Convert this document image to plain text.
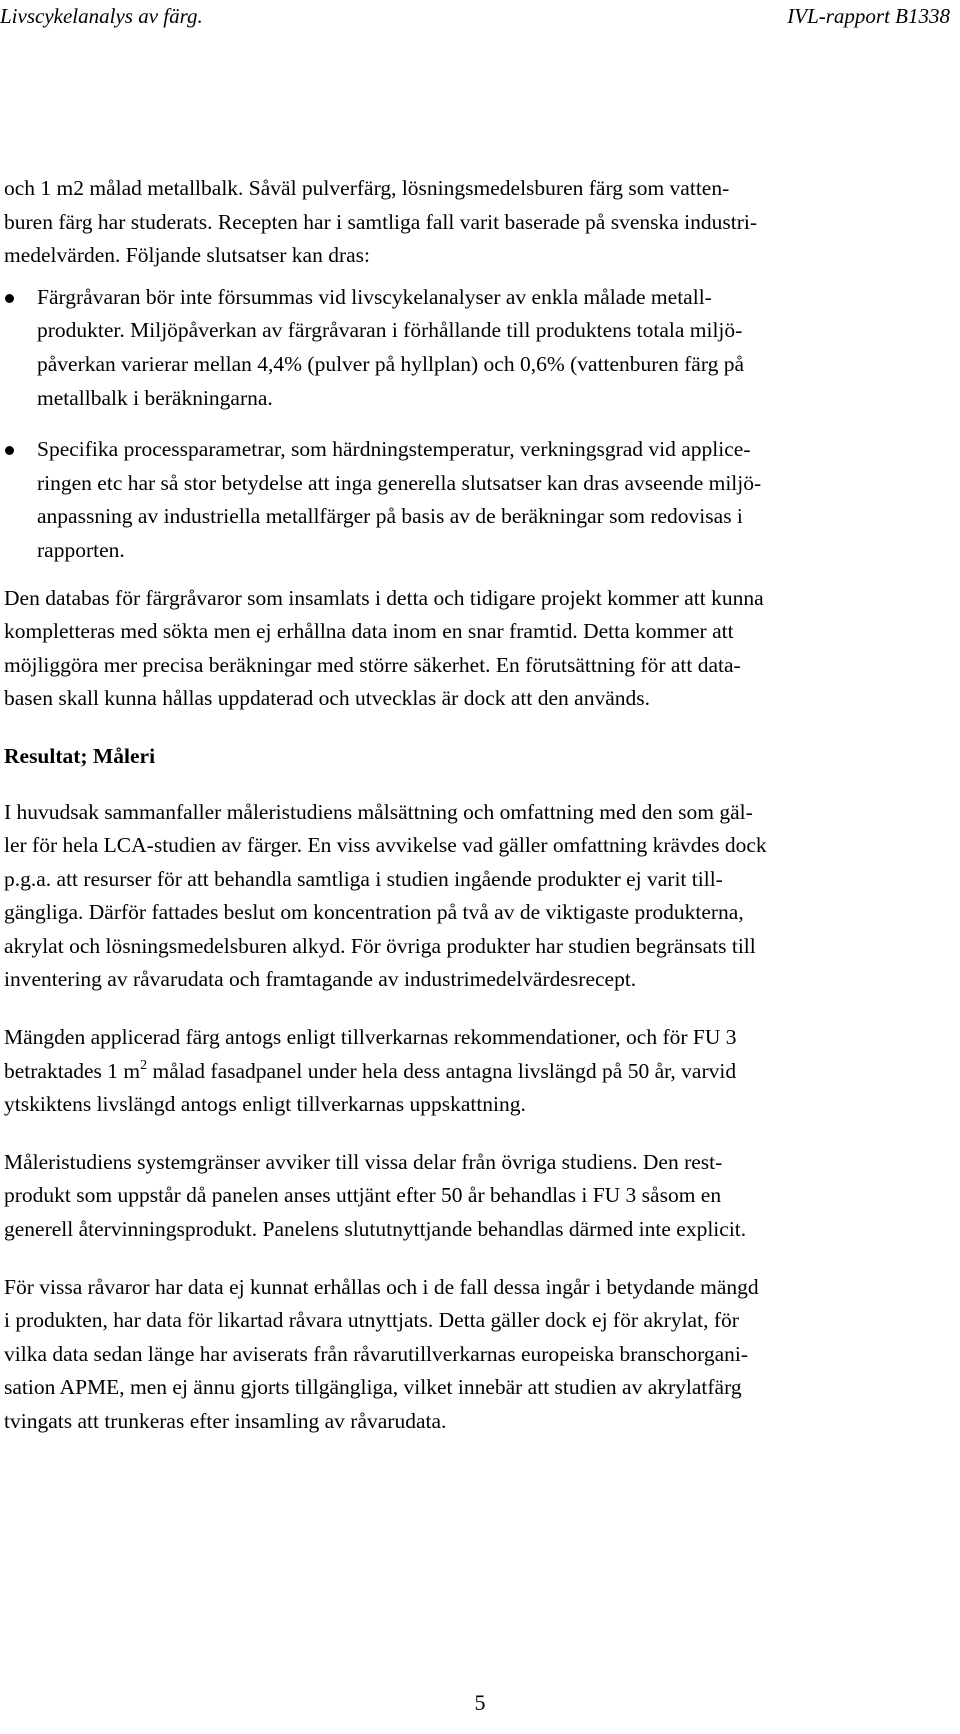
Livscykelanalys av färg.	IVL-rapport B1338

och 1 m2 målad metallbalk. Såväl pulverfärg, lösningsmedelsburen färg som vatten-
buren färg har studerats. Recepten har i samtliga fall varit baserade på svenska industri-
medelvärden. Följande slutsatser kan dras:

Färgråvaran bör inte försummas vid livscykelanalyser av enkla målade metall-
produkter. Miljöpåverkan av färgråvaran i förhållande till produktens totala miljö-
påverkan varierar mellan 4,4% (pulver på hyllplan) och 0,6% (vattenburen färg på
metallbalk i beräkningarna.
Specifika processparametrar, som härdningstemperatur, verkningsgrad vid applice-
ringen etc har så stor betydelse att inga generella slutsatser kan dras avseende miljö-
anpassning av industriella metallfärger på basis av de beräkningar som redovisas i
rapporten.

Den databas för färgråvaror som insamlats i detta och tidigare projekt kommer att kunna
kompletteras med sökta men ej erhållna data inom en snar framtid. Detta kommer att
möjliggöra mer precisa beräkningar med större säkerhet. En förutsättning för att data-
basen skall kunna hållas uppdaterad och utvecklas är dock att den används.

Resultat; Måleri

I huvudsak sammanfaller måleristudiens målsättning och omfattning med den som gäl-
ler för hela LCA-studien av färger. En viss avvikelse vad gäller omfattning krävdes dock
p.g.a. att resurser för att behandla samtliga i studien ingående produkter ej varit till-
gängliga. Därför fattades beslut om koncentration på två av de viktigaste produkterna,
akrylat och lösningsmedelsburen alkyd. För övriga produkter har studien begränsats till
inventering av råvarudata och framtagande av industrimedelvärdesrecept.

Mängden applicerad färg antogs enligt tillverkarnas rekommendationer, och för FU 3
betraktades 1 $m^2$ målad fasadpanel under hela dess antagna livslängd på 50 år, varvid
ytskiktens livslängd antogs enligt tillverkarnas uppskattning.

Måleristudiens systemgränser avviker till vissa delar från övriga studiens. Den rest-
produkt som uppstår då panelen anses uttjänt efter 50 år behandlas i FU 3 såsom en
generell återvinningsprodukt. Panelens slututnyttjande behandlas därmed inte explicit.

För vissa råvaror har data ej kunnat erhållas och i de fall dessa ingår i betydande mängd
i produkten, har data för likartad råvara utnyttjats. Detta gäller dock ej för akrylat, för
vilka data sedan länge har aviserats från råvarutillverkarnas europeiska branschorgani-
sation APME, men ej ännu gjorts tillgängliga, vilket innebär att studien av akrylatfärg
tvingats att trunkeras efter insamling av råvarudata.

5
